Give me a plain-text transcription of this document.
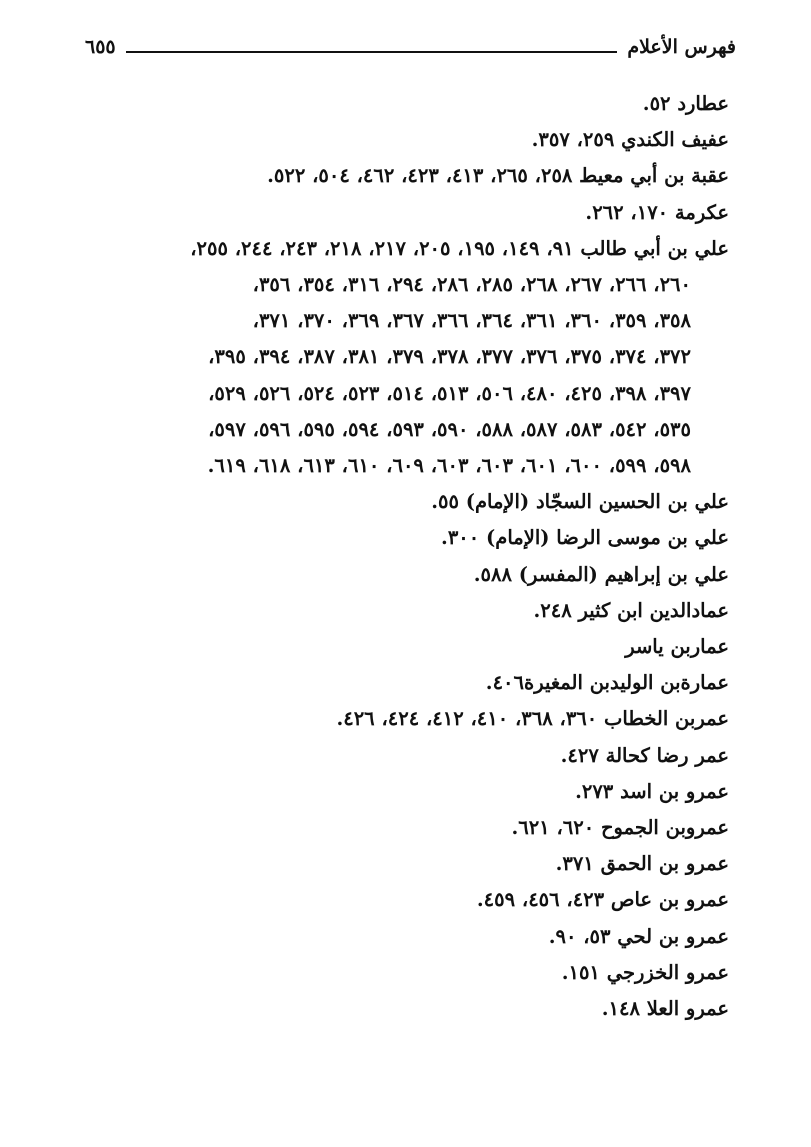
فهرس الأعلام
٦٥٥
عطارد ٥٢.
عفيف الكندي ٢٥٩، ٣٥٧.
عقبة بن أبي معيط ٢٥٨، ٢٦٥، ٤١٣، ٤٢٣، ٤٦٢، ٥٠٤، ٥٢٢.
عكرمة ١٧٠، ٢٦٢.
علي بن أبي طالب ٩١، ١٤٩، ١٩٥، ٢٠٥، ٢١٧، ٢١٨، ٢٤٣، ٢٤٤، ٢٥٥،
٢٦٠، ٢٦٦، ٢٦٧، ٢٦٨، ٢٨٥، ٢٨٦، ٢٩٤، ٣١٦، ٣٥٤، ٣٥٦،
٣٥٨، ٣٥٩، ٣٦٠، ٣٦١، ٣٦٤، ٣٦٦، ٣٦٧، ٣٦٩، ٣٧٠، ٣٧١،
٣٧٢، ٣٧٤، ٣٧٥، ٣٧٦، ٣٧٧، ٣٧٨، ٣٧٩، ٣٨١، ٣٨٧، ٣٩٤، ٣٩٥،
٣٩٧، ٣٩٨، ٤٢٥، ٤٨٠، ٥٠٦، ٥١٣، ٥١٤، ٥٢٣، ٥٢٤، ٥٢٦، ٥٢٩،
٥٣٥، ٥٤٢، ٥٨٣، ٥٨٧، ٥٨٨، ٥٩٠، ٥٩٣، ٥٩٤، ٥٩٥، ٥٩٦، ٥٩٧،
٥٩٨، ٥٩٩، ٦٠٠، ٦٠١، ٦٠٣، ٦٠٣، ٦٠٩، ٦١٠، ٦١٣، ٦١٨، ٦١٩.
علي بن الحسين السجّاد (الإمام) ٥٥.
علي بن موسى الرضا (الإمام) ٣٠٠.
علي بن إبراهيم (المفسر) ٥٨٨.
عمادالدين ابن كثير ٢٤٨.
عماربن ياسر
عمارةبن الوليدبن المغيرة٤٠٦.
عمربن الخطاب ٣٦٠، ٣٦٨، ٤١٠، ٤١٢، ٤٢٤، ٤٢٦.
عمر رضا كحالة ٤٢٧.
عمرو بن اسد ٢٧٣.
عمروبن الجموح ٦٢٠، ٦٢١.
عمرو بن الحمق ٣٧١.
عمرو بن عاص ٤٢٣، ٤٥٦، ٤٥٩.
عمرو بن لحي ٥٣، ٩٠.
عمرو الخزرجي ١٥١.
عمرو العلا ١٤٨.
